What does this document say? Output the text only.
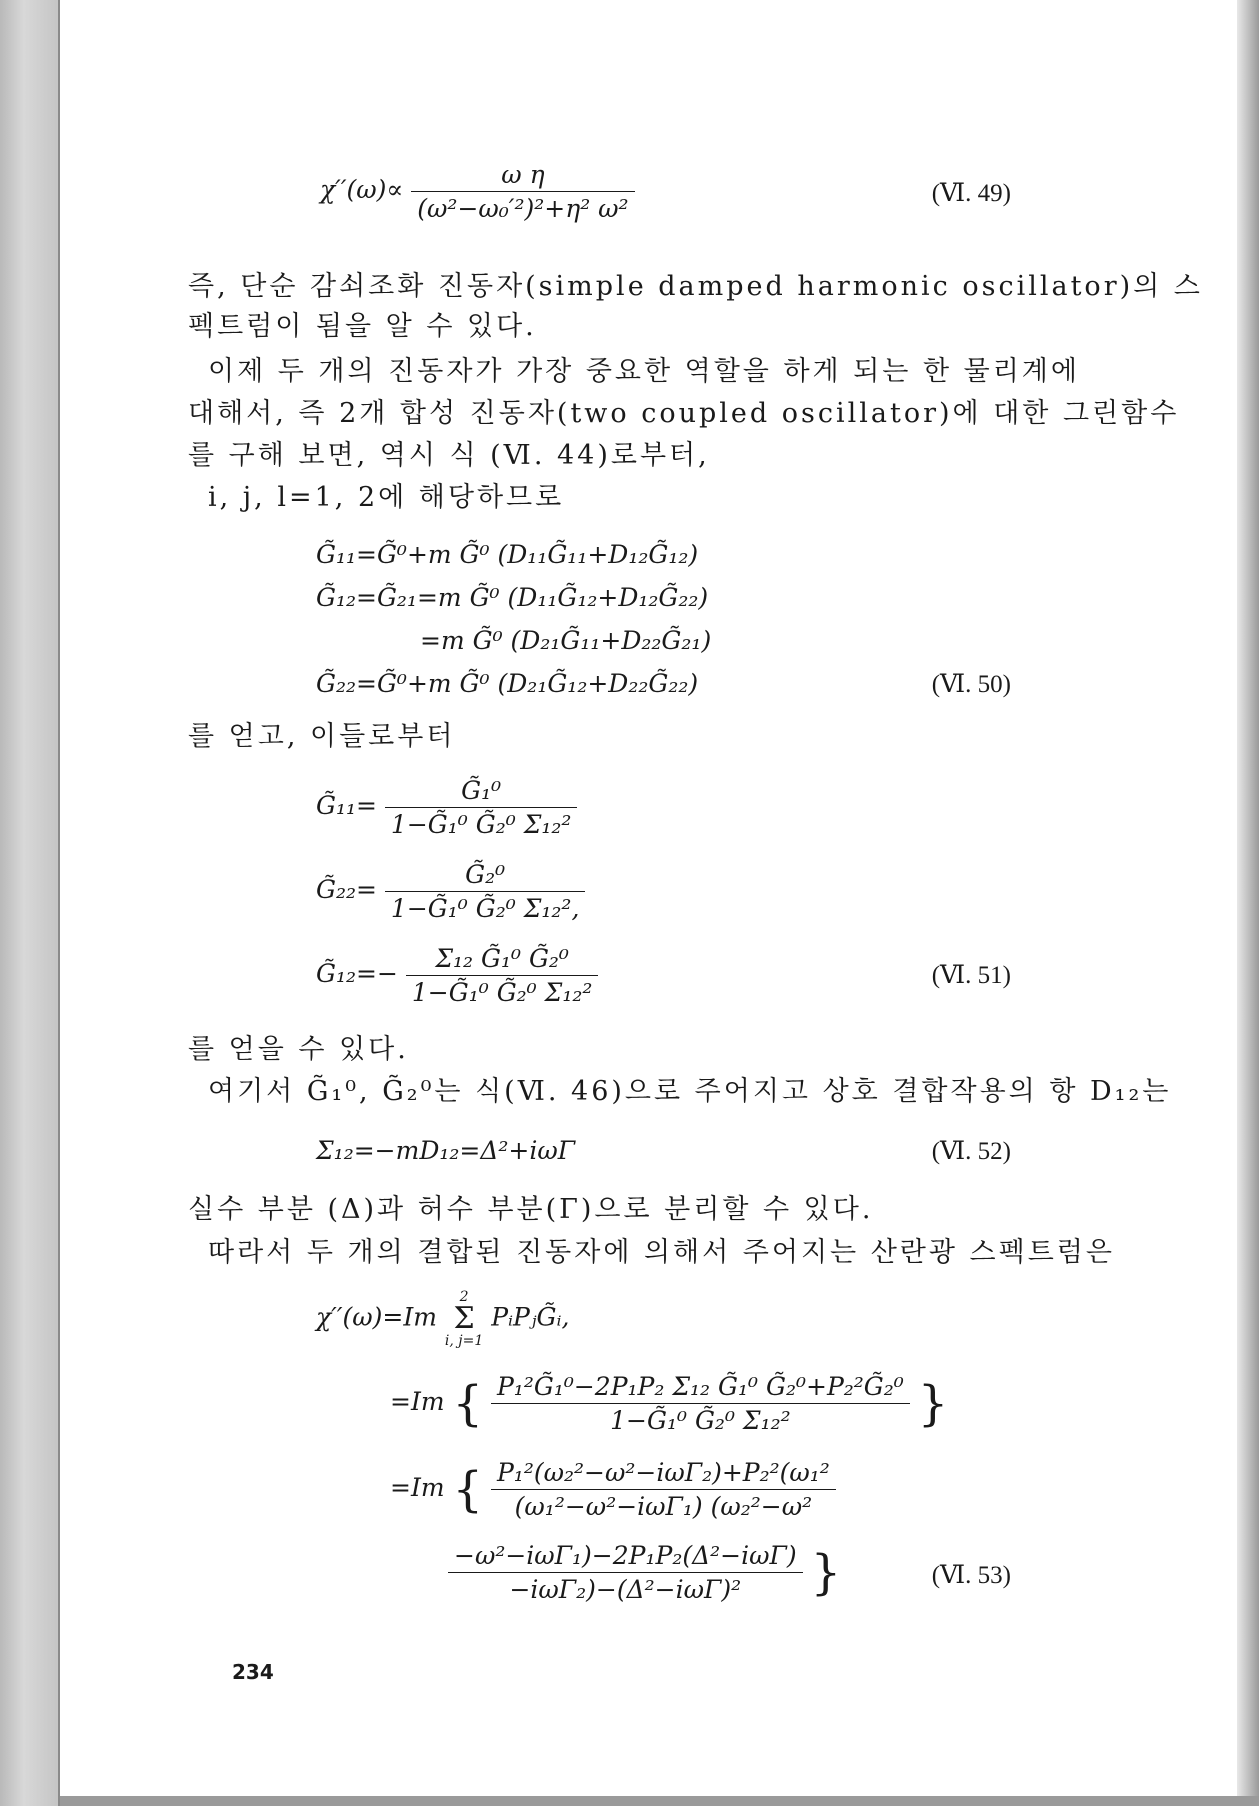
$\chi''(\omega)\propto \frac{\text{ω η}}{\text{(ω²−ω₀′²)²+η² ω²}}$	(Ⅵ. 49)
즉, 단순 감쇠조화 진동자(simple damped harmonic oscillator)의 스
펙트럼이 됨을 알 수 있다.
이제 두 개의 진동자가 가장 중요한 역할을 하게 되는 한 물리계에
대해서, 즉 2개 합성 진동자(two coupled oscillator)에 대한 그린함수
를 구해 보면, 역시 식 (Ⅵ. 44)로부터,
i, j, l=1, 2에 해당하므로
G̃₁₁=G̃⁰+m G̃⁰ (D₁₁G̃₁₁+D₁₂G̃₁₂)
G̃₁₂=G̃₂₁=m G̃⁰ (D₁₁G̃₁₂+D₁₂G̃₂₂)
=m G̃⁰ (D₂₁G̃₁₁+D₂₂G̃₂₁)
G̃₂₂=G̃⁰+m G̃⁰ (D₂₁G̃₁₂+D₂₂G̃₂₂)	(Ⅵ. 50)
를 얻고, 이들로부터
G̃₁₁= $\frac{\text{G̃₁⁰}}{\text{1−G̃₁⁰ G̃₂⁰ Σ₁₂²}}$
G̃₂₂= $\frac{\text{G̃₂⁰}}{\text{1−G̃₁⁰ G̃₂⁰ Σ₁₂²,}}$
G̃₁₂=− $\frac{\text{Σ₁₂ G̃₁⁰ G̃₂⁰}}{\text{1−G̃₁⁰ G̃₂⁰ Σ₁₂²}}$	(Ⅵ. 51)
를 얻을 수 있다.
여기서 G̃₁⁰, G̃₂⁰는 식(Ⅵ. 46)으로 주어지고 상호 결합작용의 항 D₁₂는
Σ₁₂=−mD₁₂=Δ²+iωΓ	(Ⅵ. 52)
실수 부분 (Δ)과 허수 부분(Γ)으로 분리할 수 있다.
따라서 두 개의 결합된 진동자에 의해서 주어지는 산란광 스펙트럼은
χ′′(ω)=Im
2
Σ
i, j=1
PᵢPⱼG̃ᵢ,
=Im { $\frac{\text{P₁²G̃₁⁰−2P₁P₂ Σ₁₂ G̃₁⁰ G̃₂⁰+P₂²G̃₂⁰}}{\text{1−G̃₁⁰ G̃₂⁰ Σ₁₂²}}$ }
=Im { $\frac{\text{P₁²(ω₂²−ω²−iωΓ₂)+P₂²(ω₁²}}{\text{(ω₁²−ω²−iωΓ₁) (ω₂²−ω²}}$
$\frac{\text{−ω²−iωΓ₁)−2P₁P₂(Δ²−iωΓ)}}{\text{−iωΓ₂)−(Δ²−iωΓ)²}}$ }	(Ⅵ. 53)
234
